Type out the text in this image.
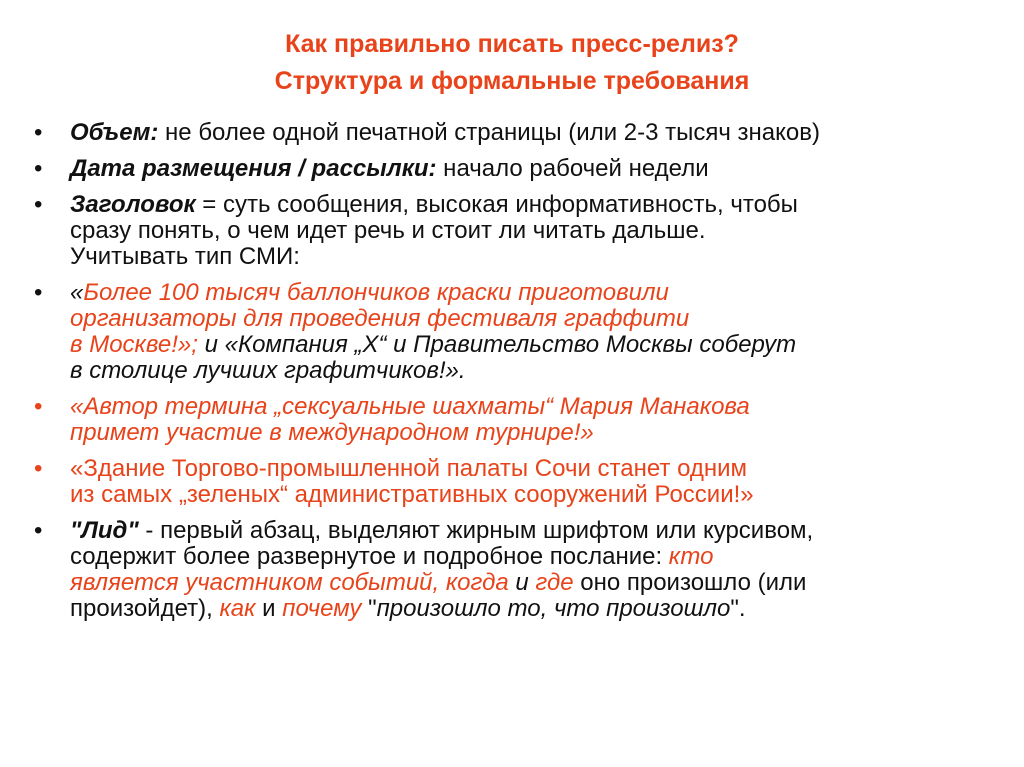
Как правильно писать пресс-релиз?
Структура и формальные требования
•
Объем: не более одной печатной страницы (или 2-3 тысяч знаков)
•
Дата размещения / рассылки: начало рабочей недели
•
Заголовок = суть сообщения, высокая информативность, чтобы
сразу понять, о чем идет речь и стоит ли читать дальше.
Учитывать тип СМИ:
•
«Более 100 тысяч баллончиков краски приготовили
организаторы для проведения фестиваля граффити
в Москве!»; и «Компания „Х“ и Правительство Москвы соберут
в столице лучших графитчиков!».
•
«Автор термина „сексуальные шахматы“ Мария Манакова
примет участие в международном турнире!»
•
«Здание Торгово-промышленной палаты Сочи станет одним
из самых „зеленых“ административных сооружений России!»
•
"Лид" - первый абзац, выделяют жирным шрифтом или курсивом,
содержит более развернутое и подробное послание: кто
является участником событий, когда и где оно произошло (или
произойдет), как и почему "произошло то, что произошло".
